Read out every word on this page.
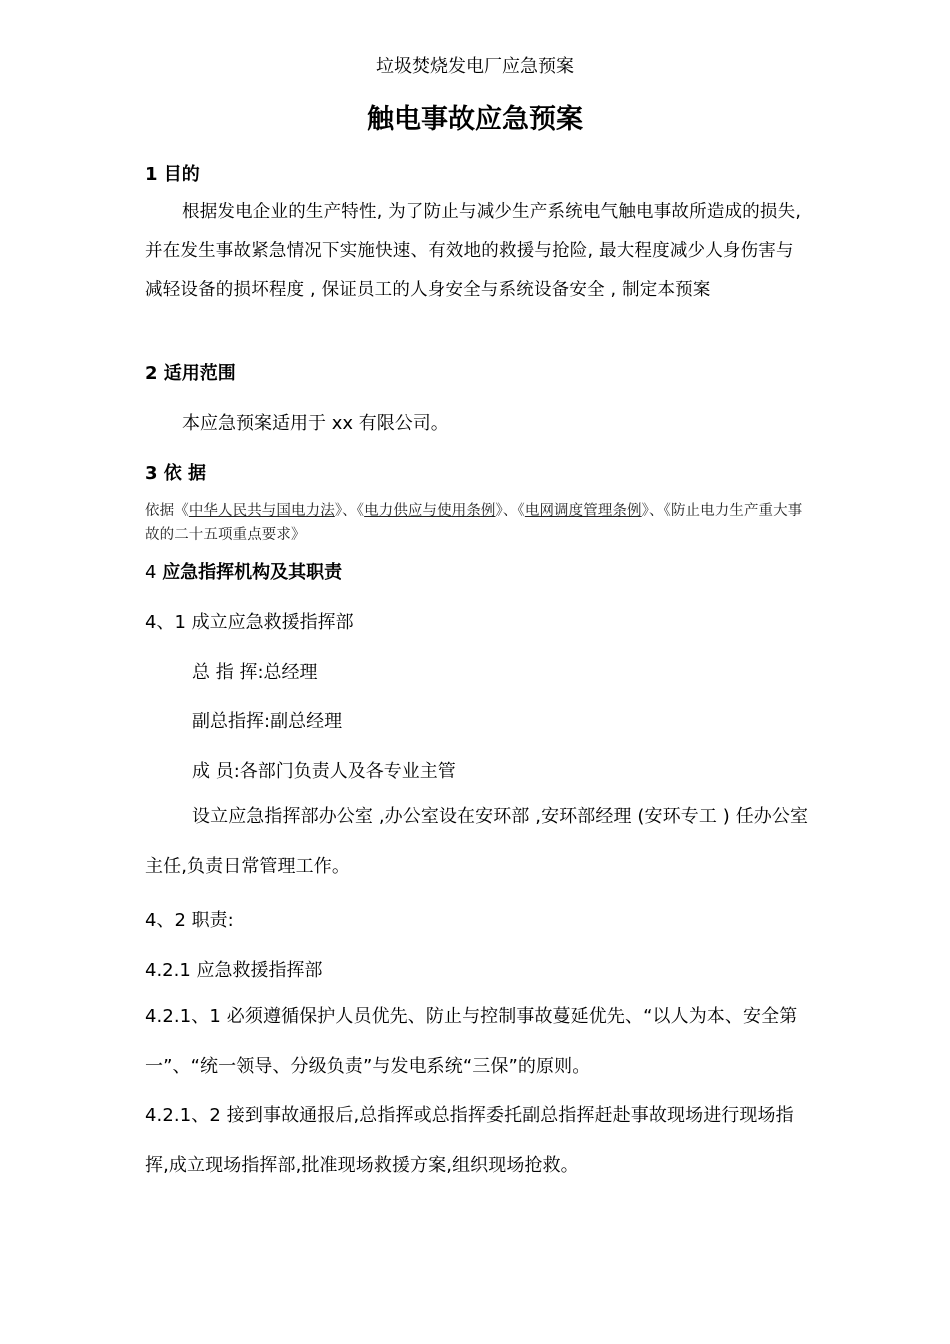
垃圾焚烧发电厂应急预案
触电事故应急预案
1 目的
根据发电企业的生产特性, 为了防止与减少生产系统电气触电事故所造成的损失, 并在发生事故紧急情况下实施快速、有效地的救援与抢险, 最大程度减少人身伤害与减轻设备的损坏程度 , 保证员工的人身安全与系统设备安全 , 制定本预案
2 适用范围
本应急预案适用于 xx 有限公司。
3 依 据
依据《中华人民共与国电力法》、《电力供应与使用条例》、《电网调度管理条例》、《防止电力生产重大事故的二十五项重点要求》
4 应急指挥机构及其职责
4、1 成立应急救援指挥部
总 指 挥:总经理
副总指挥:副总经理
成 员:各部门负责人及各专业主管
设立应急指挥部办公室 ,办公室设在安环部 ,安环部经理 (安环专工 ) 任办公室主任,负责日常管理工作。
4、2 职责:
4.2.1 应急救援指挥部
4.2.1、1 必须遵循保护人员优先、防止与控制事故蔓延优先、“以人为本、安全第一”、“统一领导、分级负责”与发电系统“三保”的原则。
4.2.1、2 接到事故通报后,总指挥或总指挥委托副总指挥赶赴事故现场进行现场指挥,成立现场指挥部,批准现场救援方案,组织现场抢救。
